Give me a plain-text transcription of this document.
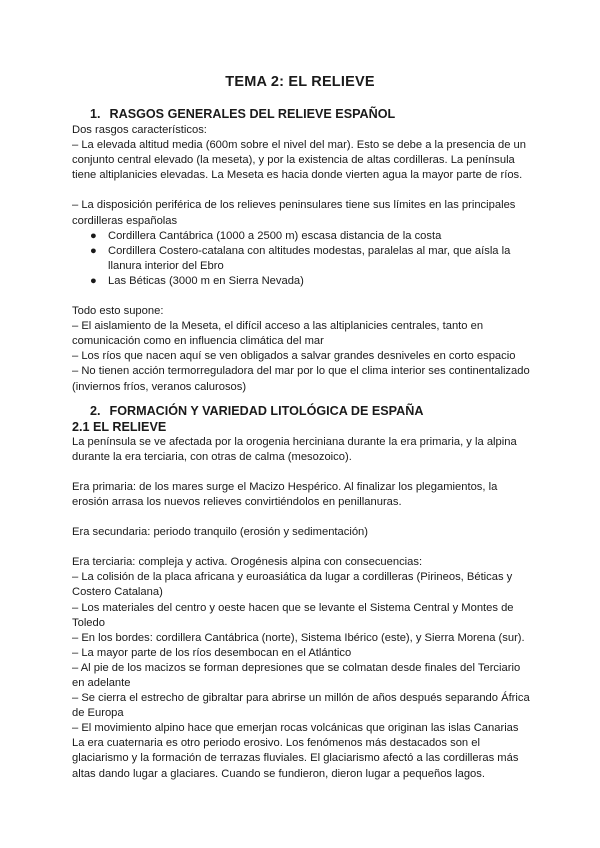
TEMA 2: EL RELIEVE
1. RASGOS GENERALES DEL RELIEVE ESPAÑOL

Dos rasgos característicos:

– La elevada altitud media (600m sobre el nivel del mar). Esto se debe a la presencia de un conjunto central elevado (la meseta), y por la existencia de altas cordilleras. La península tiene altiplanicies elevadas. La Meseta es hacia donde vierten agua la mayor parte de ríos.

– La disposición periférica de los relieves peninsulares tiene sus límites en las principales cordilleras españolas

● Cordillera Cantábrica (1000 a 2500 m) escasa distancia de la costa
● Cordillera Costero-catalana con altitudes modestas, paralelas al mar, que aísla la llanura interior del Ebro
● Las Béticas (3000 m en Sierra Nevada)

Todo esto supone:

– El aislamiento de la Meseta, el difícil acceso a las altiplanicies centrales, tanto en comunicación como en influencia climática del mar

– Los ríos que nacen aquí se ven obligados a salvar grandes desniveles en corto espacio

– No tienen acción termorreguladora del mar por lo que el clima interior ses continentalizado (inviernos fríos, veranos calurosos)

2. FORMACIÓN Y VARIEDAD LITOLÓGICA DE ESPAÑA
2.1 EL RELIEVE

La península se ve afectada por la orogenia herciniana durante la era primaria, y la alpina durante la era terciaria, con otras de calma (mesozoico).

Era primaria: de los mares surge el Macizo Hespérico. Al finalizar los plegamientos, la erosión arrasa los nuevos relieves convirtiéndolos en penillanuras.

Era secundaria: periodo tranquilo (erosión y sedimentación)

Era terciaria: compleja y activa. Orogénesis alpina con consecuencias:

– La colisión de la placa africana y euroasiática da lugar a cordilleras (Pirineos, Béticas y Costero Catalana)

– Los materiales del centro y oeste hacen que se levante el Sistema Central y Montes de Toledo

– En los bordes: cordillera Cantábrica (norte), Sistema Ibérico (este), y Sierra Morena (sur).

– La mayor parte de los ríos desembocan en el Atlántico

– Al pie de los macizos se forman depresiones que se colmatan desde finales del Terciario en adelante

– Se cierra el estrecho de gibraltar para abrirse un millón de años después separando África de Europa

– El movimiento alpino hace que emerjan rocas volcánicas que originan las islas Canarias

La era cuaternaria es otro periodo erosivo. Los fenómenos más destacados son el glaciarismo y la formación de terrazas fluviales. El glaciarismo afectó a las cordilleras más altas dando lugar a glaciares. Cuando se fundieron, dieron lugar a pequeños lagos.
